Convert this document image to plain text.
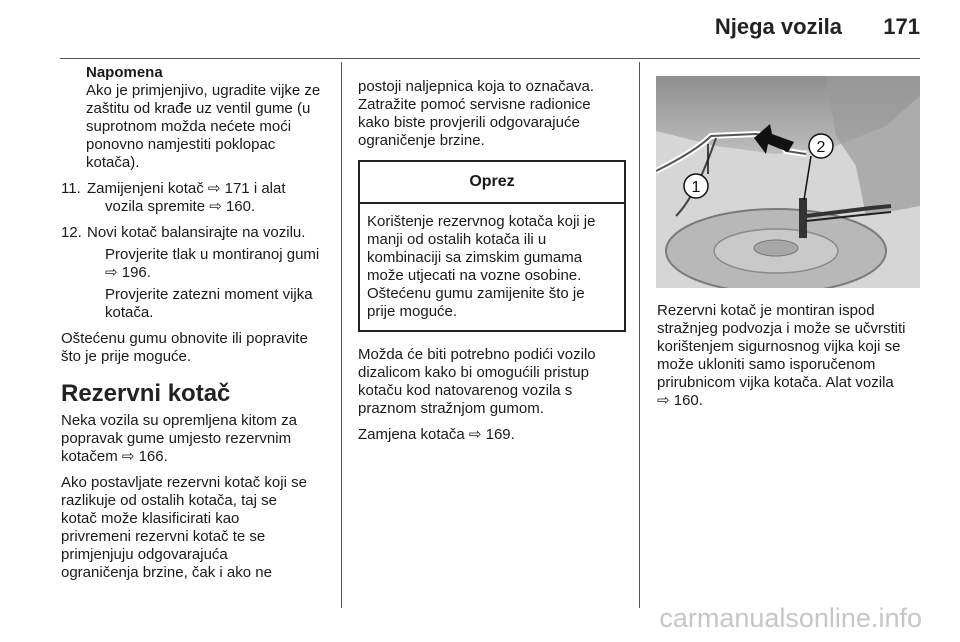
Njega vozila 171
Napomena
Ako je primjenjivo, ugradite vijke ze
zaštitu od krađe uz ventil gume (u
suprotnom možda nećete moći
ponovno namjestiti poklopac
kotača).
11. Zamijenjeni kotač ⇨ 171 i alat
vozila spremite ⇨ 160.
12. Novi kotač balansirajte na vozilu.
Provjerite tlak u montiranoj gumi
⇨ 196.
Provjerite zatezni moment vijka
kotača.
Oštećenu gumu obnovite ili popravite
što je prije moguće.
Rezervni kotač
Neka vozila su opremljena kitom za
popravak gume umjesto rezervnim
kotačem ⇨ 166.
Ako postavljate rezervni kotač koji se
razlikuje od ostalih kotača, taj se
kotač može klasificirati kao
privremeni rezervni kotač te se
primjenjuju odgovarajuća
ograničenja brzine, čak i ako ne
postoji naljepnica koja to označava.
Zatražite pomoć servisne radionice
kako biste provjerili odgovarajuće
ograničenje brzine.
Oprez
Korištenje rezervnog kotača koji je
manji od ostalih kotača ili u
kombinaciji sa zimskim gumama
može utjecati na vozne osobine.
Oštećenu gumu zamijenite što je
prije moguće.
Možda će biti potrebno podići vozilo
dizalicom kako bi omogućili pristup
kotaču kod natovarenog vozila s
praznom stražnjom gumom.
Zamjena kotača ⇨ 169.
1
2
Rezervni kotač je montiran ispod
stražnjeg podvozja i može se učvrstiti
korištenjem sigurnosnog vijka koji se
može ukloniti samo isporučenom
prirubnicom vijka kotača. Alat vozila
⇨ 160.
carmanualsonline.info
